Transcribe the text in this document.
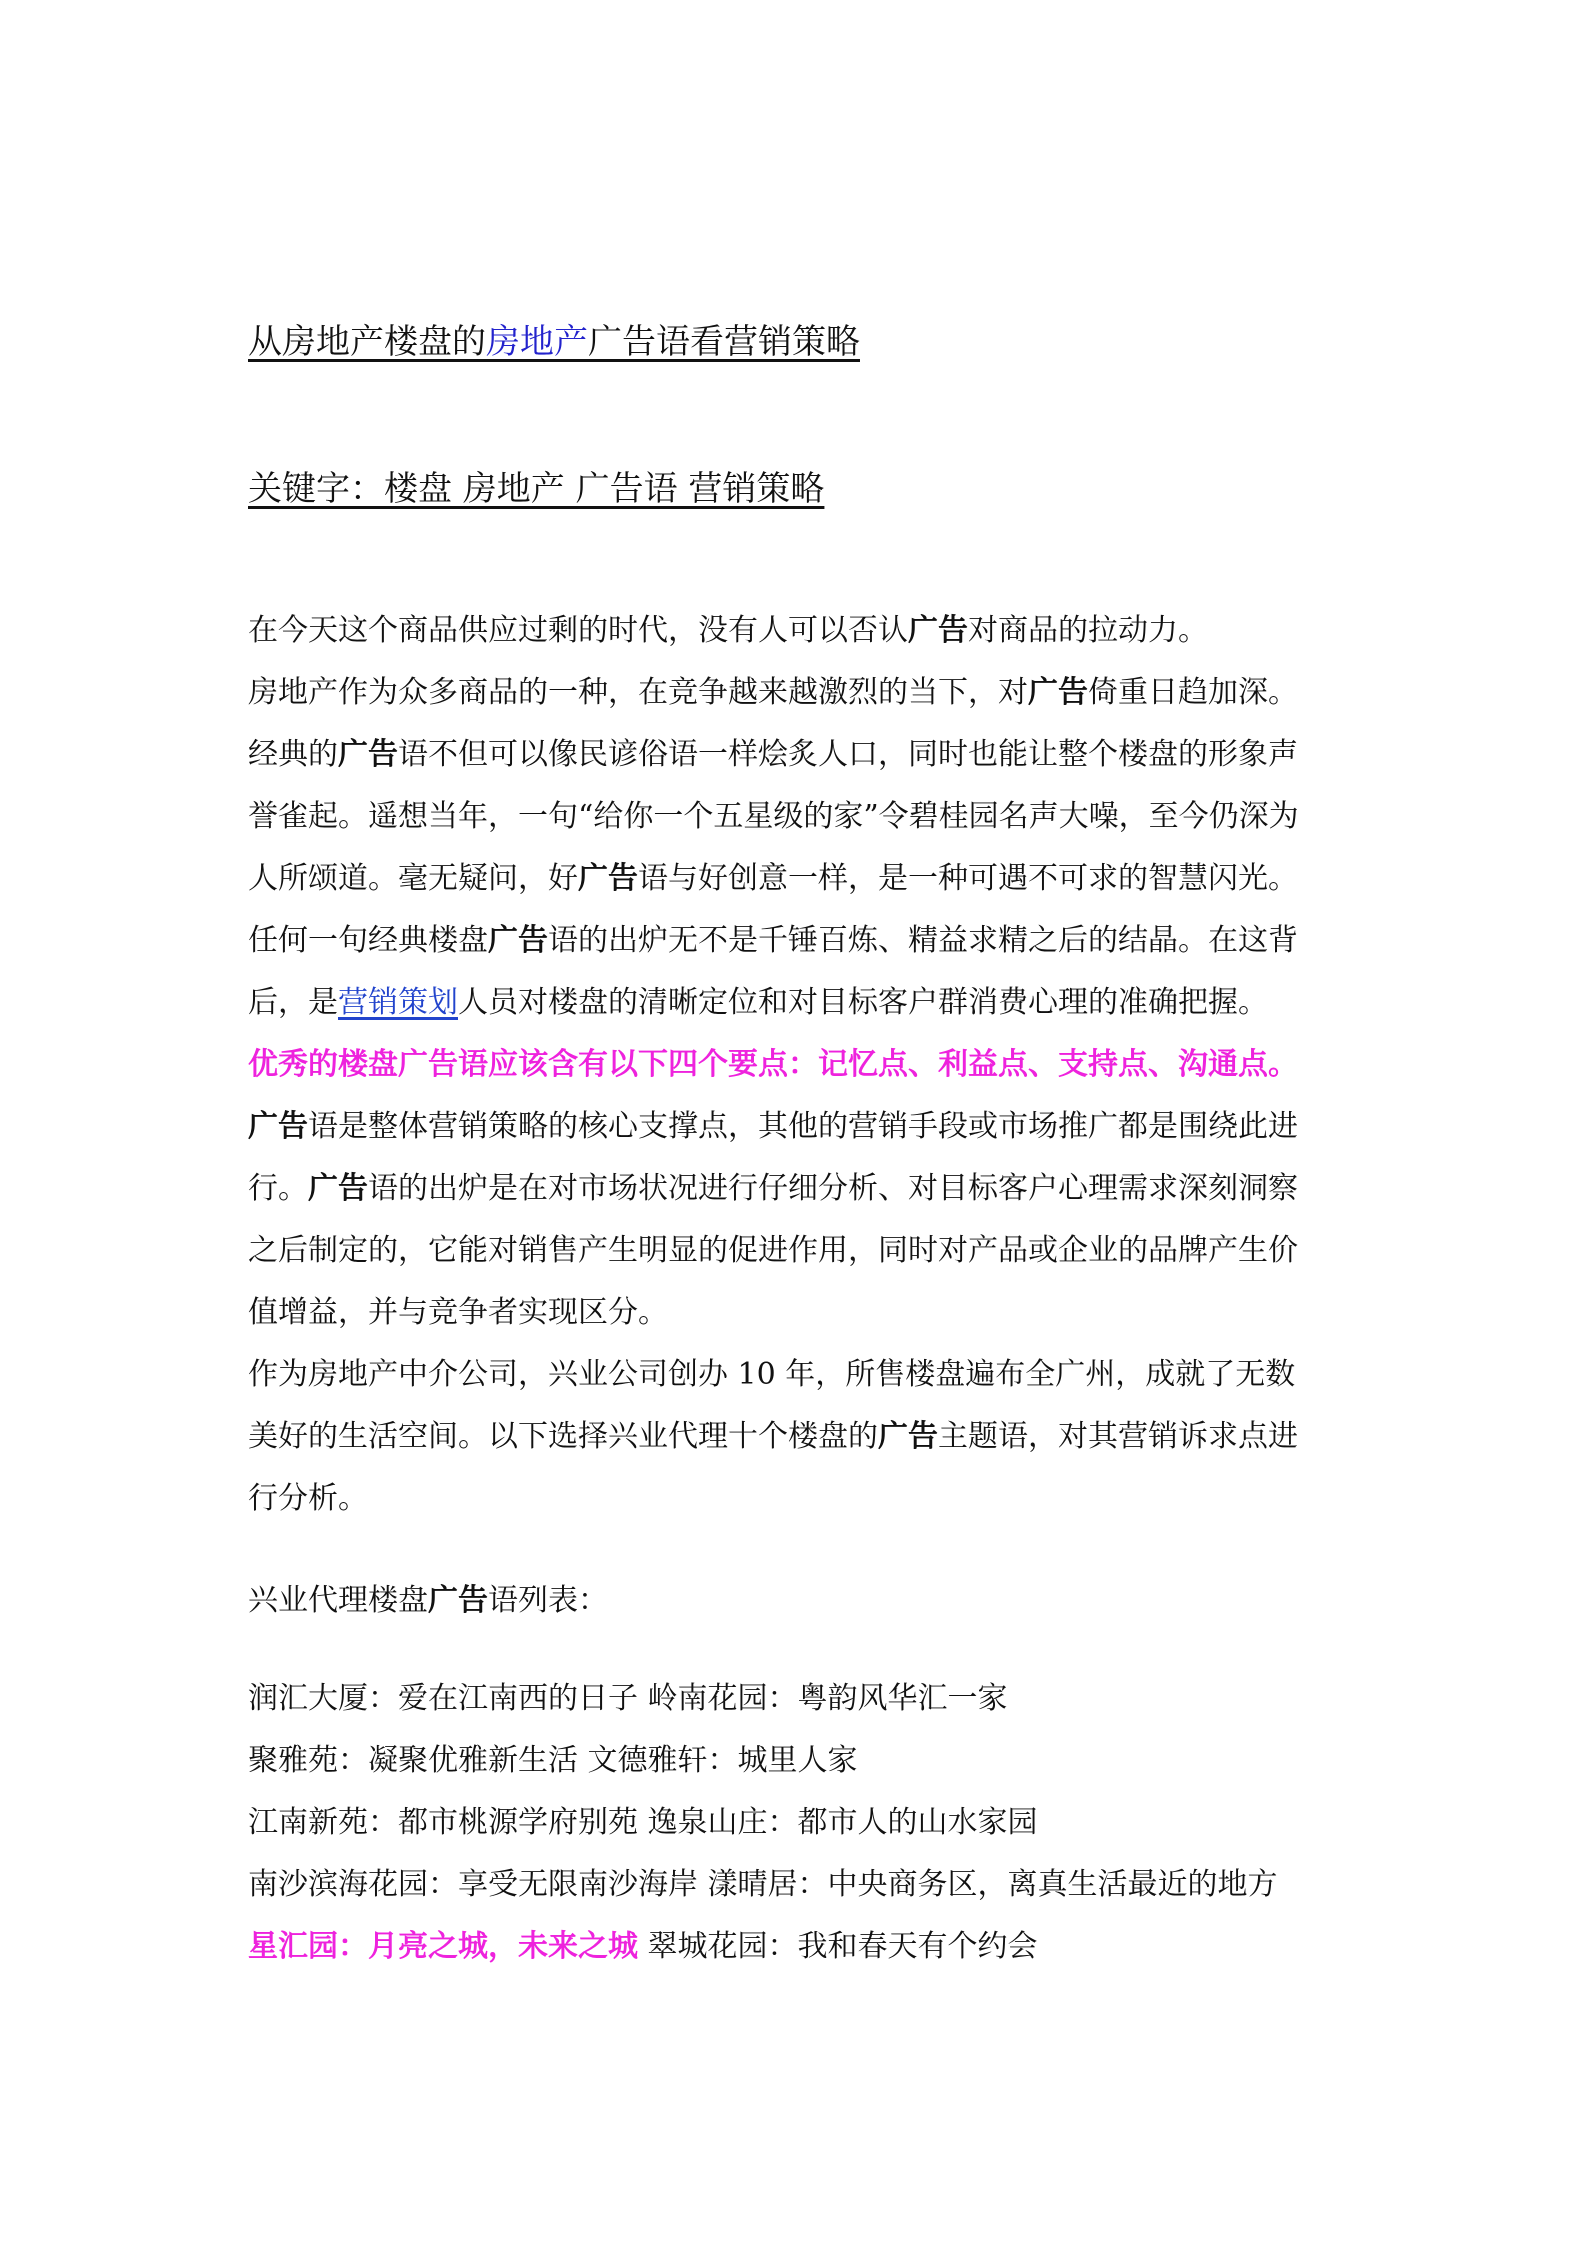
从房地产楼盘的房地产广告语看营销策略
关键字：楼盘 房地产 广告语 营销策略
在今天这个商品供应过剩的时代，没有人可以否认广告对商品的拉动力。
房地产作为众多商品的一种，在竞争越来越激烈的当下，对广告倚重日趋加深。
经典的广告语不但可以像民谚俗语一样烩炙人口，同时也能让整个楼盘的形象声
誉雀起。遥想当年，一句“给你一个五星级的家”令碧桂园名声大噪，至今仍深为
人所颂道。毫无疑问，好广告语与好创意一样，是一种可遇不可求的智慧闪光。
任何一句经典楼盘广告语的出炉无不是千锤百炼、精益求精之后的结晶。在这背
后，是营销策划人员对楼盘的清晰定位和对目标客户群消费心理的准确把握。
优秀的楼盘广告语应该含有以下四个要点：记忆点、利益点、支持点、沟通点。
广告语是整体营销策略的核心支撑点，其他的营销手段或市场推广都是围绕此进
行。广告语的出炉是在对市场状况进行仔细分析、对目标客户心理需求深刻洞察
之后制定的，它能对销售产生明显的促进作用，同时对产品或企业的品牌产生价
值增益，并与竞争者实现区分。
作为房地产中介公司，兴业公司创办 10 年，所售楼盘遍布全广州，成就了无数
美好的生活空间。以下选择兴业代理十个楼盘的广告主题语，对其营销诉求点进
行分析。
兴业代理楼盘广告语列表：
润汇大厦：爱在江南西的日子 岭南花园：粤韵风华汇一家
聚雅苑：凝聚优雅新生活 文德雅轩：城里人家
江南新苑：都市桃源学府别苑 逸泉山庄：都市人的山水家园
南沙滨海花园：享受无限南沙海岸 漾晴居：中央商务区，离真生活最近的地方
星汇园：月亮之城，未来之城 翠城花园：我和春天有个约会
